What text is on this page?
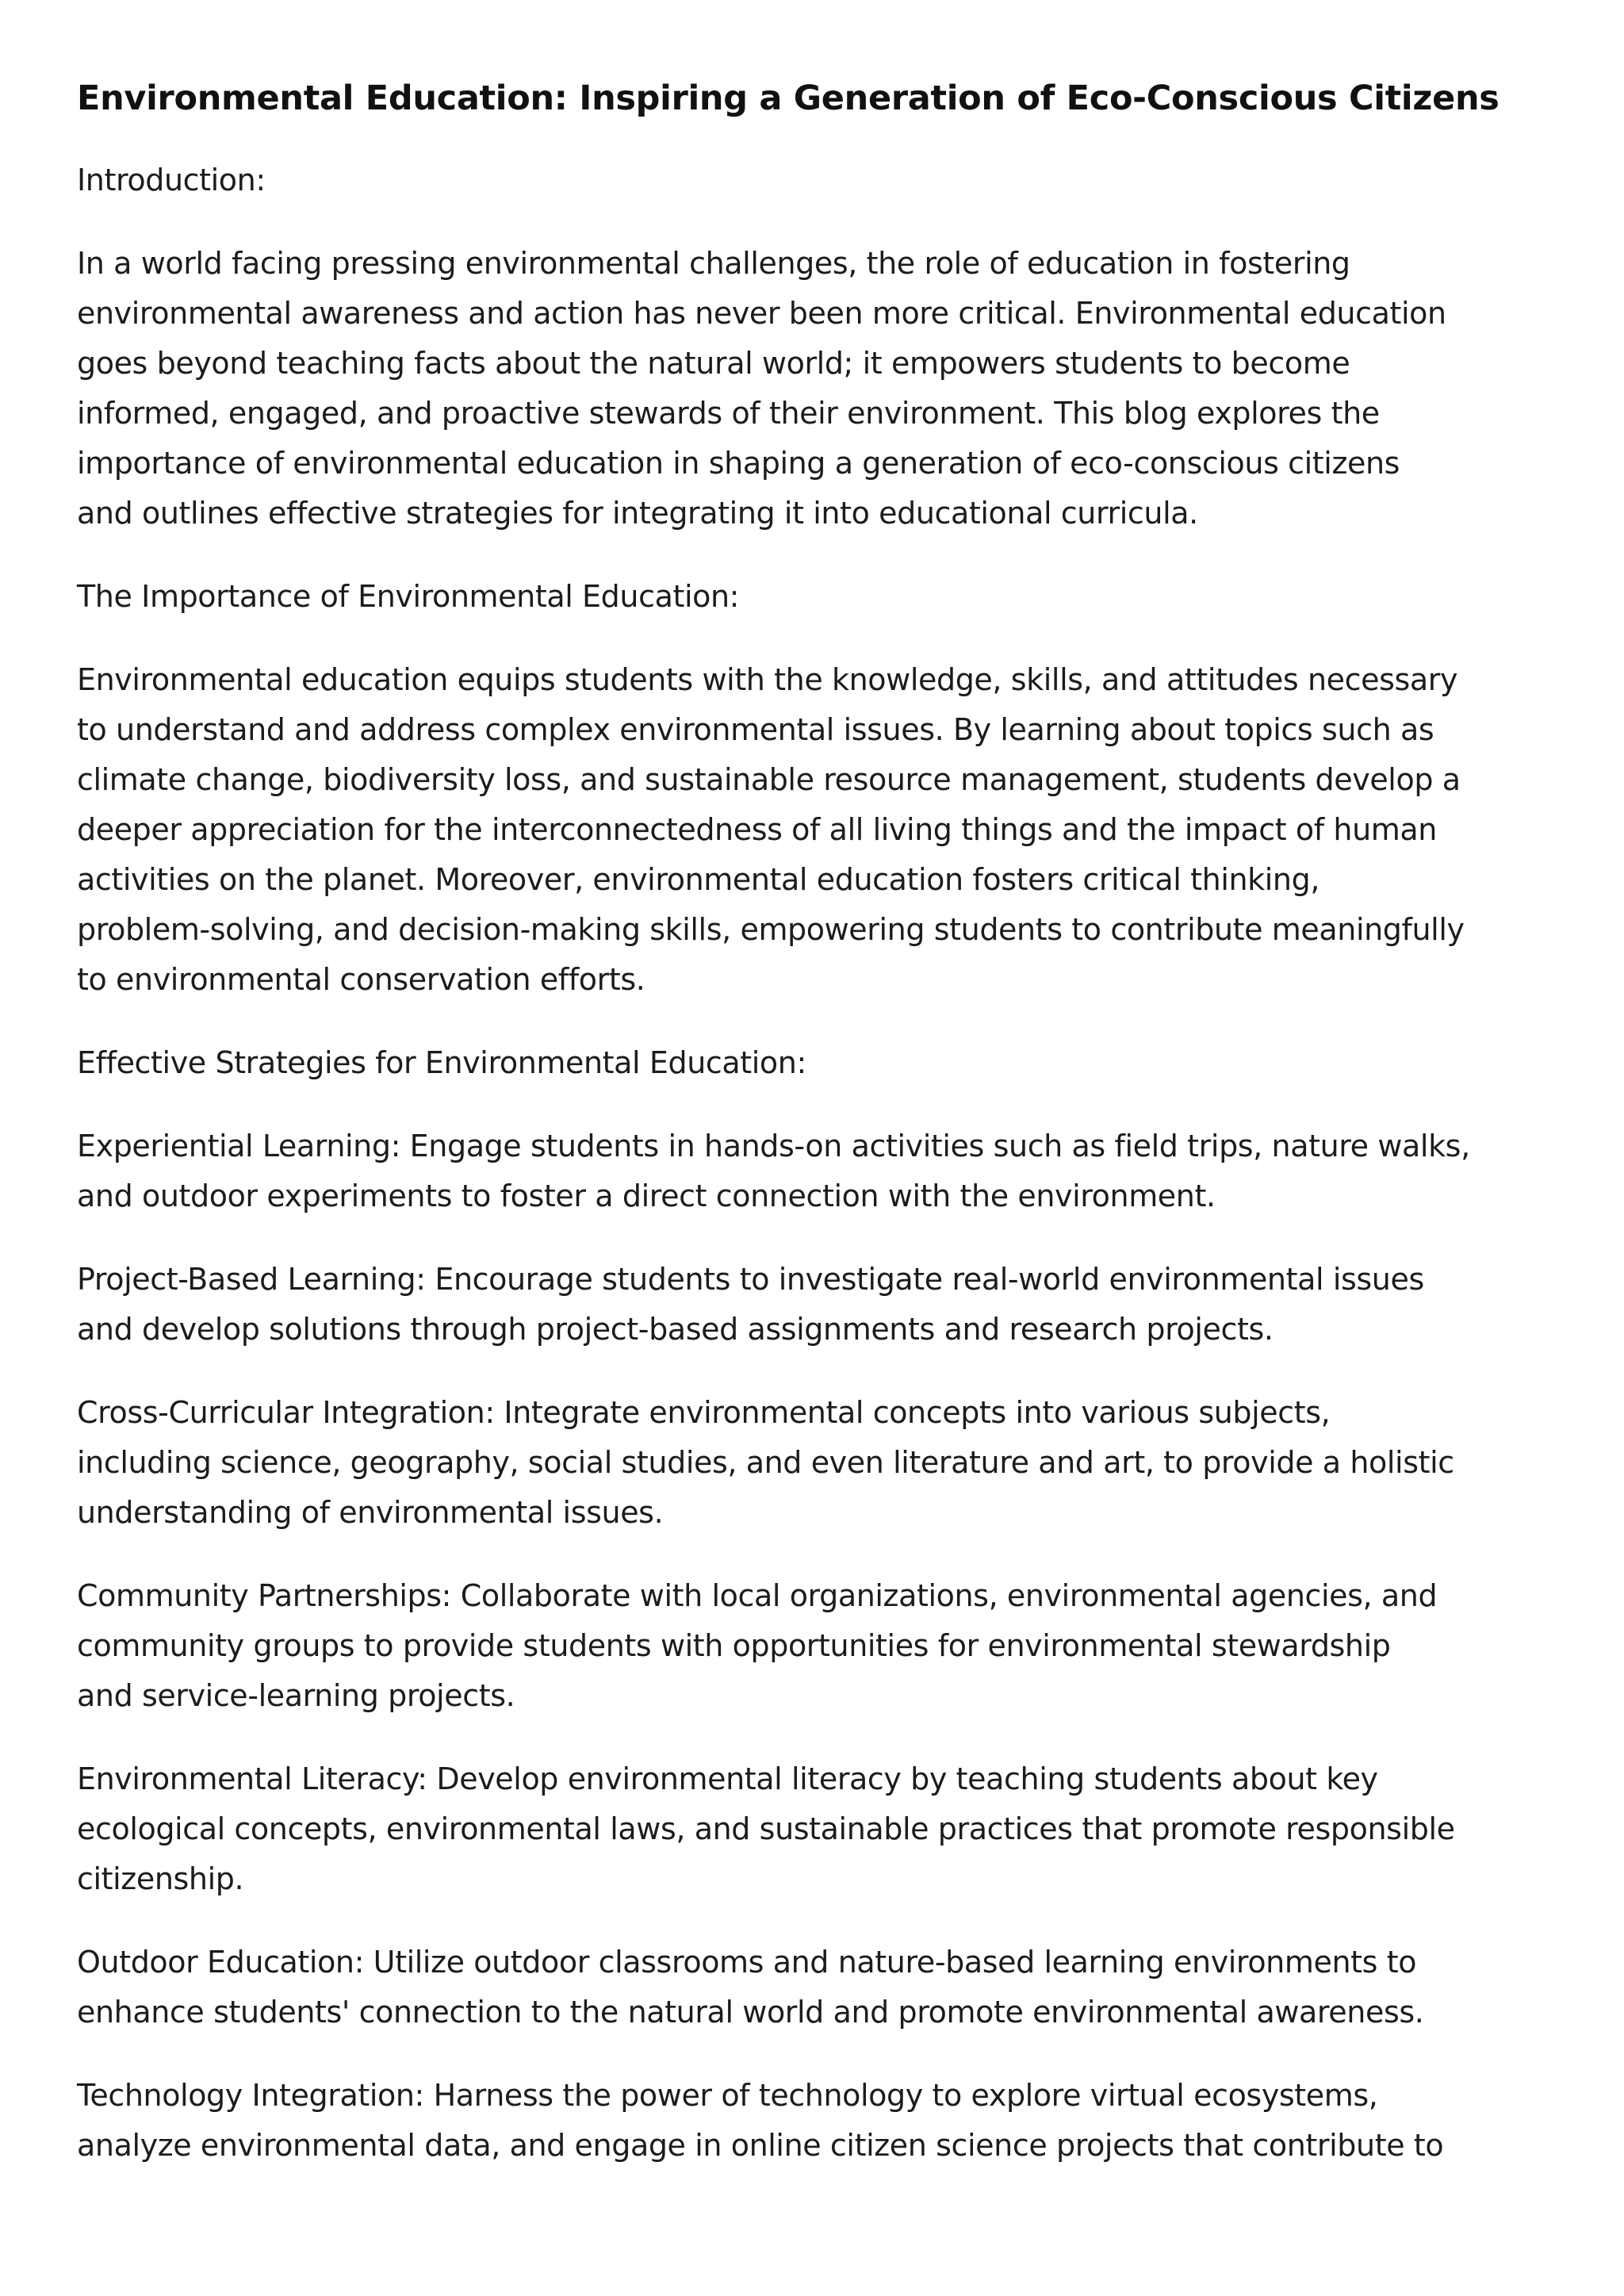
Environmental Education: Inspiring a Generation of Eco-Conscious Citizens

Introduction:

In a world facing pressing environmental challenges, the role of education in fostering
environmental awareness and action has never been more critical. Environmental education
goes beyond teaching facts about the natural world; it empowers students to become
informed, engaged, and proactive stewards of their environment. This blog explores the
importance of environmental education in shaping a generation of eco-conscious citizens
and outlines effective strategies for integrating it into educational curricula.

The Importance of Environmental Education:

Environmental education equips students with the knowledge, skills, and attitudes necessary
to understand and address complex environmental issues. By learning about topics such as
climate change, biodiversity loss, and sustainable resource management, students develop a
deeper appreciation for the interconnectedness of all living things and the impact of human
activities on the planet. Moreover, environmental education fosters critical thinking,
problem-solving, and decision-making skills, empowering students to contribute meaningfully
to environmental conservation efforts.

Effective Strategies for Environmental Education:

Experiential Learning: Engage students in hands-on activities such as field trips, nature walks,
and outdoor experiments to foster a direct connection with the environment.

Project-Based Learning: Encourage students to investigate real-world environmental issues
and develop solutions through project-based assignments and research projects.

Cross-Curricular Integration: Integrate environmental concepts into various subjects,
including science, geography, social studies, and even literature and art, to provide a holistic
understanding of environmental issues.

Community Partnerships: Collaborate with local organizations, environmental agencies, and
community groups to provide students with opportunities for environmental stewardship
and service-learning projects.

Environmental Literacy: Develop environmental literacy by teaching students about key
ecological concepts, environmental laws, and sustainable practices that promote responsible
citizenship.

Outdoor Education: Utilize outdoor classrooms and nature-based learning environments to
enhance students' connection to the natural world and promote environmental awareness.

Technology Integration: Harness the power of technology to explore virtual ecosystems,
analyze environmental data, and engage in online citizen science projects that contribute to
